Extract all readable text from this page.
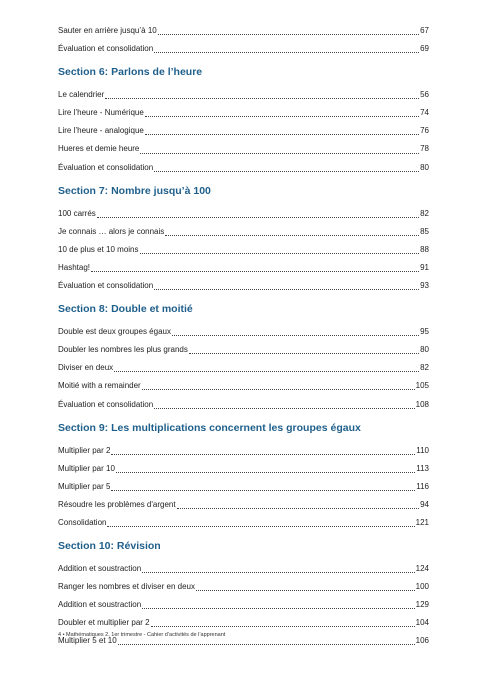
Sauter en arrière jusqu’à 10	67
Évaluation et consolidation	69
Section 6: Parlons de l’heure
Le calendrier	56
Lire l’heure - Numérique	74
Lire l’heure - analogique	76
Hueres et demie heure	78
Évaluation et consolidation	80
Section 7: Nombre jusqu’à 100
100 carrés	82
Je connais … alors je connais	85
10 de plus et 10 moins	88
Hashtag!	91
Évaluation et consolidation	93
Section 8: Double et moitié
Double est deux groupes égaux	95
Doubler les nombres les plus grands	80
Diviser en deux	82
Moitié with a remainder	105
Évaluation et consolidation	108
Section 9: Les multiplications concernent les groupes égaux
Multiplier par 2	110
Multiplier par 10	113
Multiplier par 5	116
Résoudre les problèmes d'argent	94
Consolidation	121
Section 10: Révision
Addition et soustraction	124
Ranger les nombres et diviser en deux	100
Addition et soustraction	129
Doubler et multiplier par 2	104
Multiplier 5 et 10	106
4 • Mathématiques 2, 1er trimestre - Cahier d’activités de l’apprenant
